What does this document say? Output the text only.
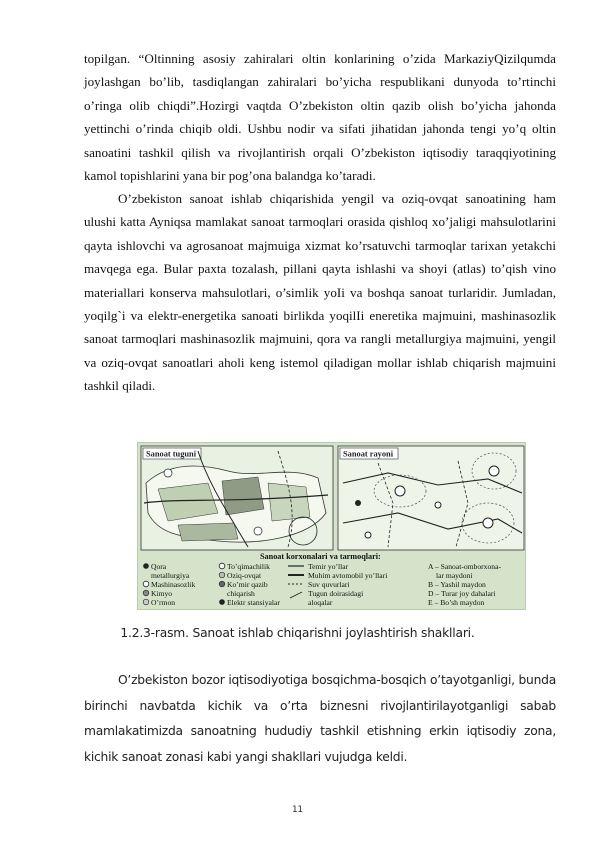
topilgan. “Oltinning asosiy zahiralari oltin konlarining o’zida MarkaziyQizilqumda joylashgan bo’lib, tasdiqlangan zahiralari bo’yicha respublikani dunyoda to’rtinchi o’ringa olib chiqdi”.Hozirgi vaqtda O’zbekiston oltin qazib olish bo’yicha jahonda yettinchi o’rinda chiqib oldi. Ushbu nodir va sifati jihatidan jahonda tengi yo’q oltin sanoatini tashkil qilish va rivojlantirish orqali O’zbekiston iqtisodiy taraqqiyotining kamol topishlarini yana bir pog’ona balandga ko’taradi.

O’zbekiston sanoat ishlab chiqarishida yengil va oziq-ovqat sanoatining ham ulushi katta Ayniqsa mamlakat sanoat tarmoqlari orasida qishloq xo’jaligi mahsulotlarini qayta ishlovchi va agrosanoat majmuiga xizmat ko’rsatuvchi tarmoqlar tarixan yetakchi mavqega ega. Bular paxta tozalash, pillani qayta ishlashi va shoyi (atlas) to’qish vino materiallari konserva mahsulotlari, o’simlik yoIi va boshqa sanoat turlaridir. Jumladan, yoqilg`i va elektr-energetika sanoati birlikda yoqilIi eneretika majmuini, mashinasozlik sanoat tarmoqlari mashinasozlik majmuini, qora va rangli metallurgiya majmuini, yengil va oziq-ovqat sanoatlari aholi keng istemol qiladigan mollar ishlab chiqarish majmuini tashkil qiladi.

Sanoat tuguni	Sanoat rayoni
Sanoat korxonalari va tarmoqlari:
Qora
metallurgiya
Mashinasozlik
Kimyo
O’rmon
To’qimachilik
Oziq-ovqat
Ko’mir qazib
chiqarish
Elektr stansiyalar
Temir yo’llar
Muhim avtomobil yo’llari
Suv quvurlari
Tugun doirasidagi
aloqalar
A – Sanoat-omborxona-
lar maydoni
B – Yashil maydon
D – Turar joy dahalari
E – Bo’sh maydon
1.2.3-rasm. Sanoat ishlab chiqarishni joylashtirish shakllari.

O’zbekiston bozor iqtisodiyotiga bosqichma-bosqich o’tayotganligi, bunda birinchi navbatda kichik va o’rta biznesni rivojlantirilayotganligi sabab mamlakatimizda sanoatning hududiy tashkil etishning erkin iqtisodiy zona, kichik sanoat zonasi kabi yangi shakllari vujudga keldi.

11
